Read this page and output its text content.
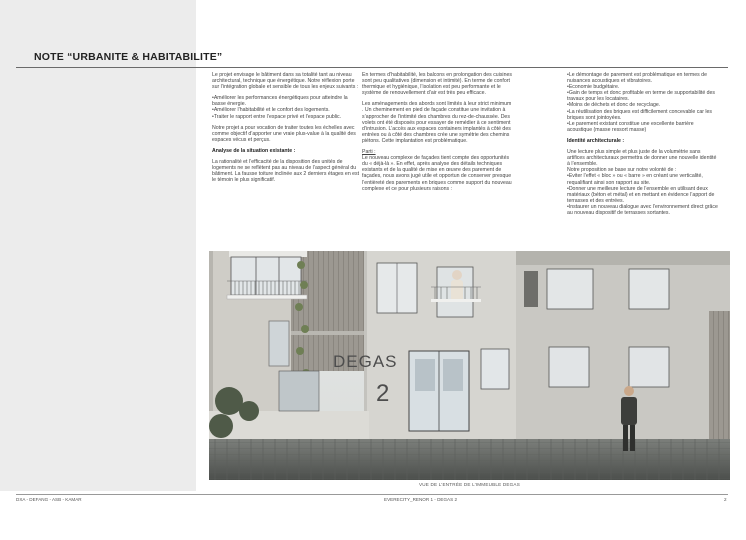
NOTE “URBANITE & HABITABILITE”

Le projet envisage le bâtiment dans sa totalité tant au niveau architectural, technique que énergétique. Notre réflexion porte sur l’intégration globale et sensible de tous les enjeux suivants :

•Améliorer les performances énergétiques pour atteindre la basse énergie.
•Améliorer l’habitabilité et le confort des logements.

•Traiter le rapport entre l’espace privé et l’espace public.

Notre projet a pour vocation de traiter toutes les échelles avec comme objectif d’apporter une vraie plus-value à la qualité des espaces vécus et perçus.

Analyse de la situation existante :

La rationalité et l’efficacité de la disposition des unités de logements ne se reflètent pas au niveau de l’aspect général du bâtiment. La fausse toiture inclinée aux 2 derniers étages en est le témoin le plus significatif.

En termes d’habitabilité, les balcons en prolongation des cuisines sont peu qualitatives (dimension et intimité). En terme de confort thermique et hygiénique, l’isolation est peu performante et le système de renouvellement d’air est très peu efficace.

Les aménagements des abords sont limités à leur strict minimum . Un cheminement en pied de façade constitue une invitation à s’approcher de l’intimité des chambres du rez-de-chaussée. Des volets ont été disposés pour essayer de remédier à ce sentiment d’intrusion. L’accès aux espaces containers implantés à côté des entrées ou à côté des chambres crée une symétrie des chemins piétons. Cette implantation est problématique.

Parti :

Le nouveau complexe de façades tient compte des opportunités du « déjà-là ». En effet, après analyse des détails techniques existants et de la qualité de mise en œuvre des parement de façades, nous avons jugé utile et opportun de conserver presque l’entièreté des parements en briques comme support du nouveau complexe et ce pour plusieurs raisons :

•Le démontage de parement est problématique en termes de nuisances acoustiques et vibratoires.
•Economie budgétaire.
•Gain de temps et donc profitable en terme de supportabilité des travaux pour les locataires.
•Moins de déchets et donc de recyclage.
•La réutilisation des briques est difficilement concevable car les briques sont jointoyées.

•Le parement existant constitue une excellente barrière acoustique (masse ressort masse)

Identité architecturale :
Une lecture plus simple et plus juste de la volumétrie sans artifices architecturaux permettra de donner une nouvelle identité à l’ensemble.
Notre proposition se base sur notre volonté de :
•Eviter l’effet « bloc » ou « barre » en créant une verticalité, requalifiant ainsi son rapport au site.
•Donner une meilleure lecture de l’ensemble en utilisant deux matériaux (béton et métal) et en mettant en évidence l’apport de terrasses et des entrées.
•Instaurer un nouveau dialogue avec l’environnement direct grâce au nouveau dispositif de terrasses sortantes.
DEGAS
2
VUE DE L’ENTRÉE DE L’IMMEUBLE DEGAS
DXA - DEFANG - ASB - KAMAR	EVERECITY_RENOR 1 - DEGAS 2	2
